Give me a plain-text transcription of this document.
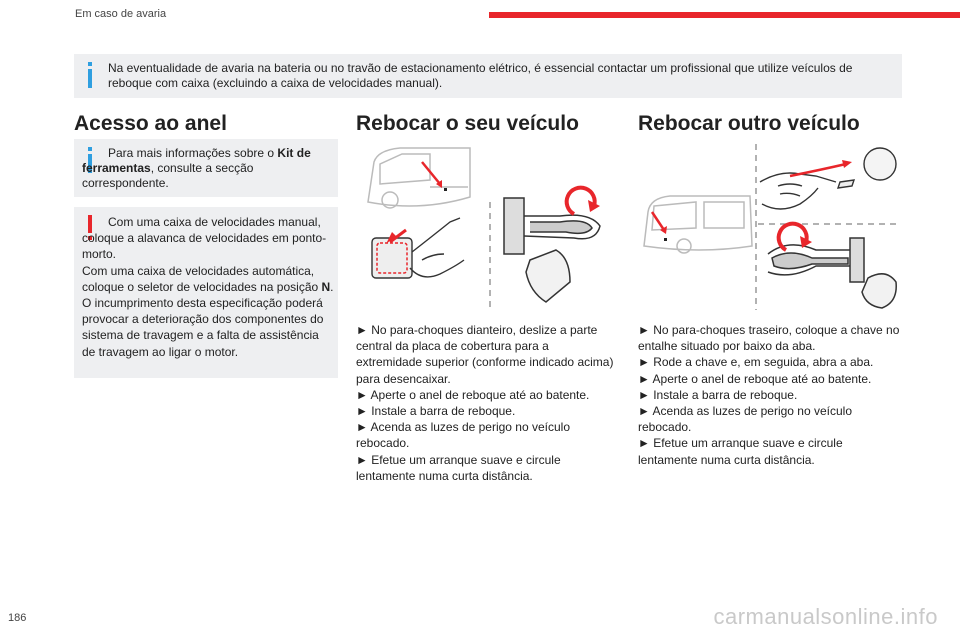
Em caso de avaria
Na eventualidade de avaria na bateria ou no travão de estacionamento elétrico, é essencial contactar um profissional que utilize veículos de reboque com caixa (excluindo a caixa de velocidades manual).
Acesso ao anel
Para mais informações sobre o Kit de ferramentas, consulte a secção correspondente.
Com uma caixa de velocidades manual, coloque a alavanca de velocidades em ponto-morto.
Com uma caixa de velocidades automática, coloque o seletor de velocidades na posição N.
O incumprimento desta especificação poderá provocar a deterioração dos componentes do sistema de travagem e a falta de assistência de travagem ao ligar o motor.
Rebocar o seu veículo

► No para-choques dianteiro, deslize a parte central da placa de cobertura para a extremidade superior (conforme indicado acima) para desencaixar.

► Aperte o anel de reboque até ao batente.

► Instale a barra de reboque.

► Acenda as luzes de perigo no veículo rebocado.

► Efetue um arranque suave e circule lentamente numa curta distância.

Rebocar outro veículo

► No para-choques traseiro, coloque a chave no entalhe situado por baixo da aba.

► Rode a chave e, em seguida, abra a aba.

► Aperte o anel de reboque até ao batente.

► Instale a barra de reboque.

► Acenda as luzes de perigo no veículo rebocado.

► Efetue um arranque suave e circule lentamente numa curta distância.

186	carmanualsonline.info
